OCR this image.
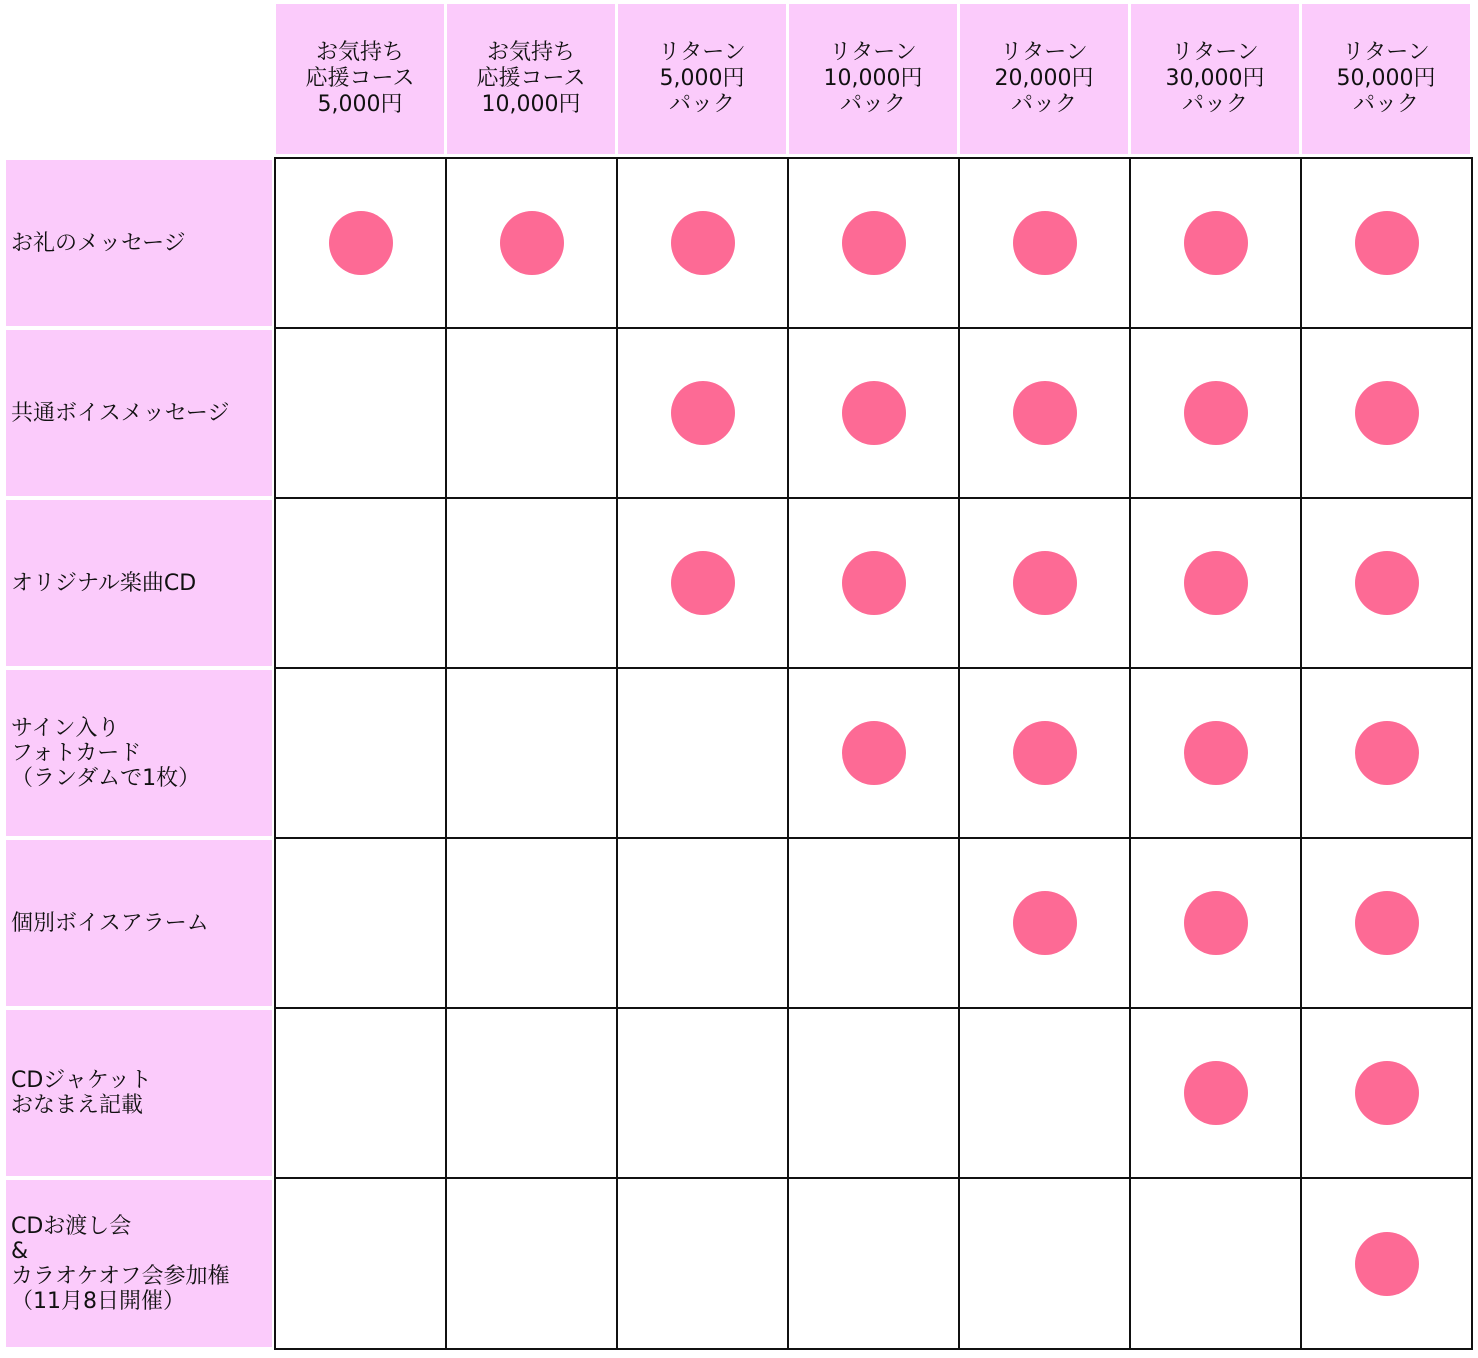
お気持ち
応援コース
5,000円
お気持ち
応援コース
10,000円
リターン
5,000円
パック
リターン
10,000円
パック
リターン
20,000円
パック
リターン
30,000円
パック
リターン
50,000円
パック
お礼のメッセージ
共通ボイスメッセージ
オリジナル楽曲CD
サイン入り
フォトカード
（ランダムで1枚）
個別ボイスアラーム
CDジャケット
おなまえ記載
CDお渡し会
&
カラオケオフ会参加権
（11月8日開催）
